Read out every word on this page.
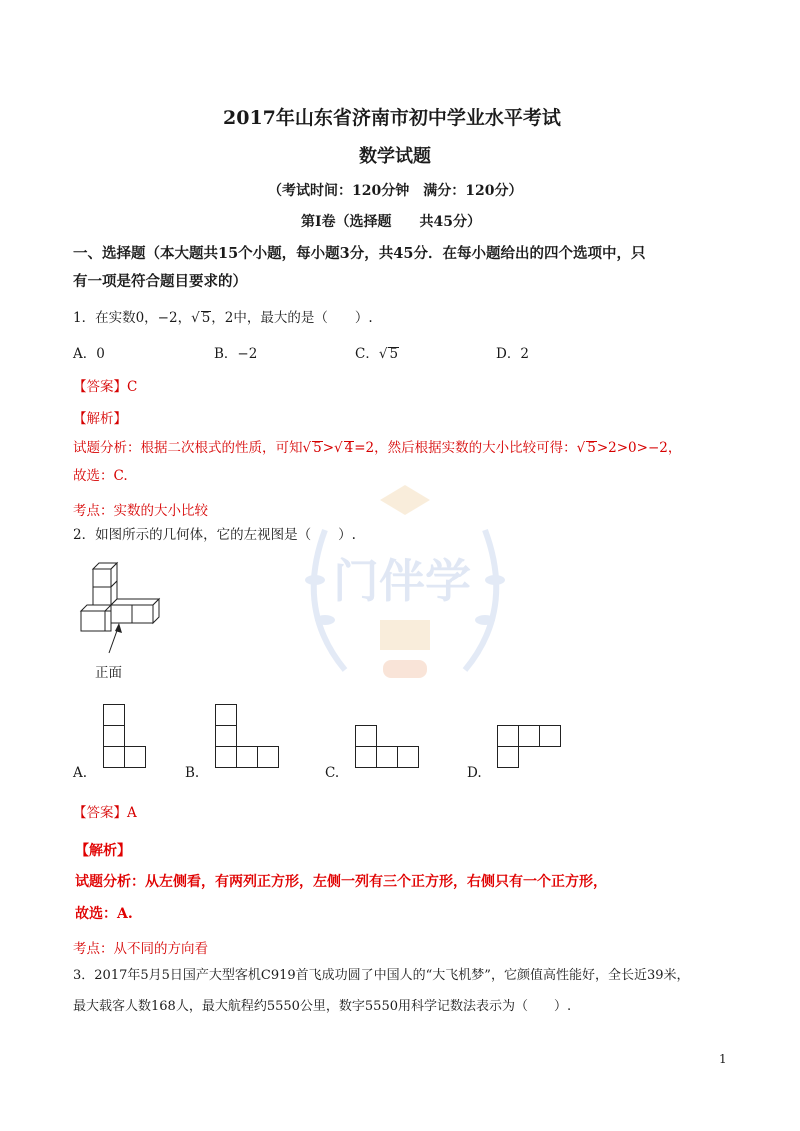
门伴学
2017年山东省济南市初中学业水平考试
数学试题
（考试时间：120分钟　满分：120分）
第Ⅰ卷（选择题　　共45分）
一、选择题（本大题共15个小题，每小题3分，共45分．在每小题给出的四个选项中，只
有一项是符合题目要求的）
1．在实数0，−2，√ 5，2中，最大的是（　　）.
A．0	B．−2	C．√ 5	D．2
【答案】C
【解析】
试题分析：根据二次根式的性质，可知√ 5>√ 4=2，然后根据实数的大小比较可得：√ 5>2>0>−2，
故选：C.
考点：实数的大小比较
2．如图所示的几何体，它的左视图是（　　）.
正面
A.	B.	C.	D.
【答案】A
【解析】
试题分析：从左侧看，有两列正方形，左侧一列有三个正方形，右侧只有一个正方形，
故选：A.
考点：从不同的方向看
3．2017年5月5日国产大型客机C919首飞成功圆了中国人的“大飞机梦”，它颜值高性能好，全长近39米，
最大载客人数168人，最大航程约5550公里，数字5550用科学记数法表示为（　　）.
1
